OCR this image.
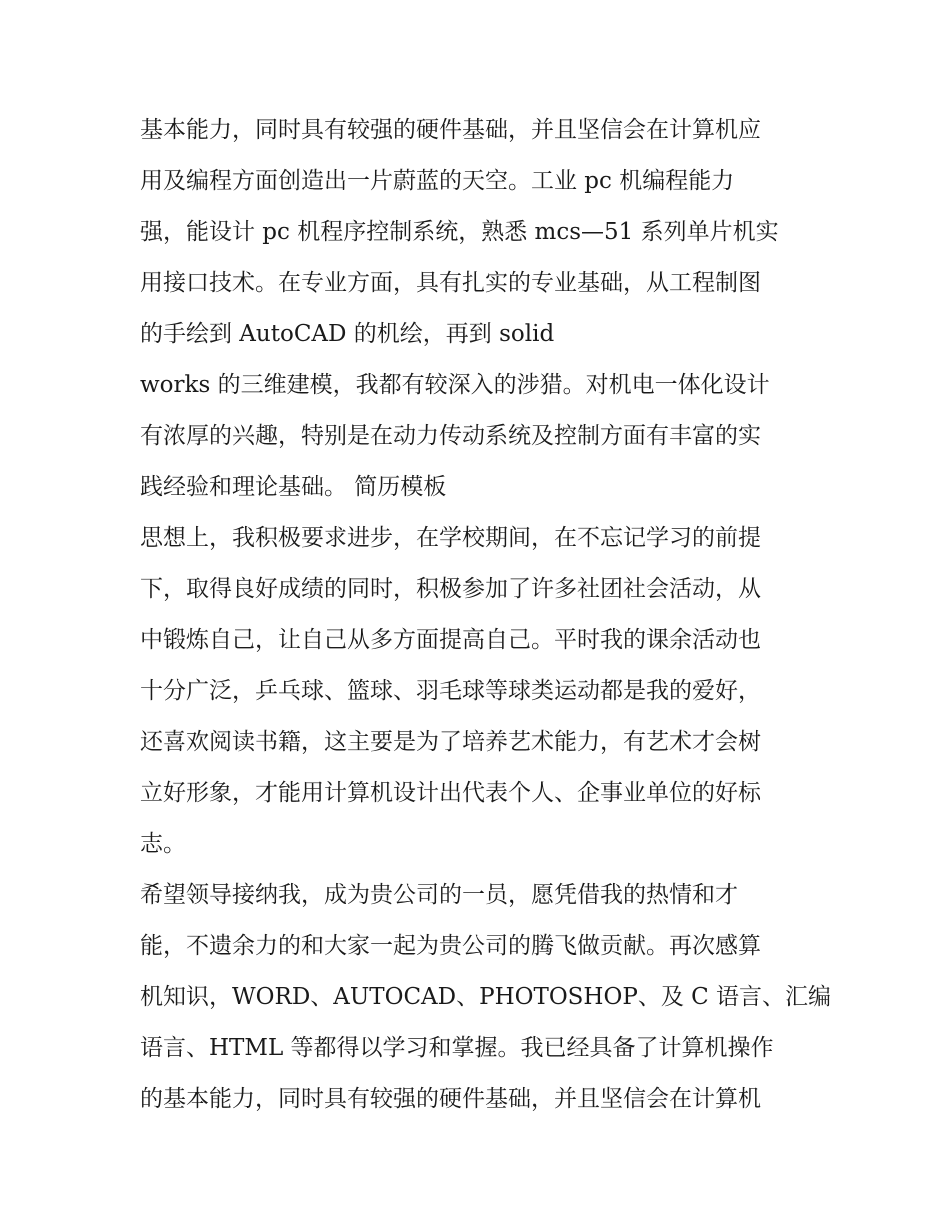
基本能力，同时具有较强的硬件基础，并且坚信会在计算机应
用及编程方面创造出一片蔚蓝的天空。工业 pc 机编程能力
强，能设计 pc 机程序控制系统，熟悉 mcs—51 系列单片机实
用接口技术。在专业方面，具有扎实的专业基础，从工程制图
的手绘到 AutoCAD 的机绘，再到 solid
works 的三维建模，我都有较深入的涉猎。对机电一体化设计
有浓厚的兴趣，特别是在动力传动系统及控制方面有丰富的实
践经验和理论基础。 简历模板
思想上，我积极要求进步，在学校期间，在不忘记学习的前提
下，取得良好成绩的同时，积极参加了许多社团社会活动，从
中锻炼自己，让自己从多方面提高自己。平时我的课余活动也
十分广泛，乒乓球、篮球、羽毛球等球类运动都是我的爱好，
还喜欢阅读书籍，这主要是为了培养艺术能力，有艺术才会树
立好形象，才能用计算机设计出代表个人、企事业单位的好标
志。
希望领导接纳我，成为贵公司的一员，愿凭借我的热情和才
能，不遗余力的和大家一起为贵公司的腾飞做贡献。再次感算
机知识，WORD、AUTOCAD、PHOTOSHOP、及 C 语言、汇编
语言、HTML 等都得以学习和掌握。我已经具备了计算机操作
的基本能力，同时具有较强的硬件基础，并且坚信会在计算机
